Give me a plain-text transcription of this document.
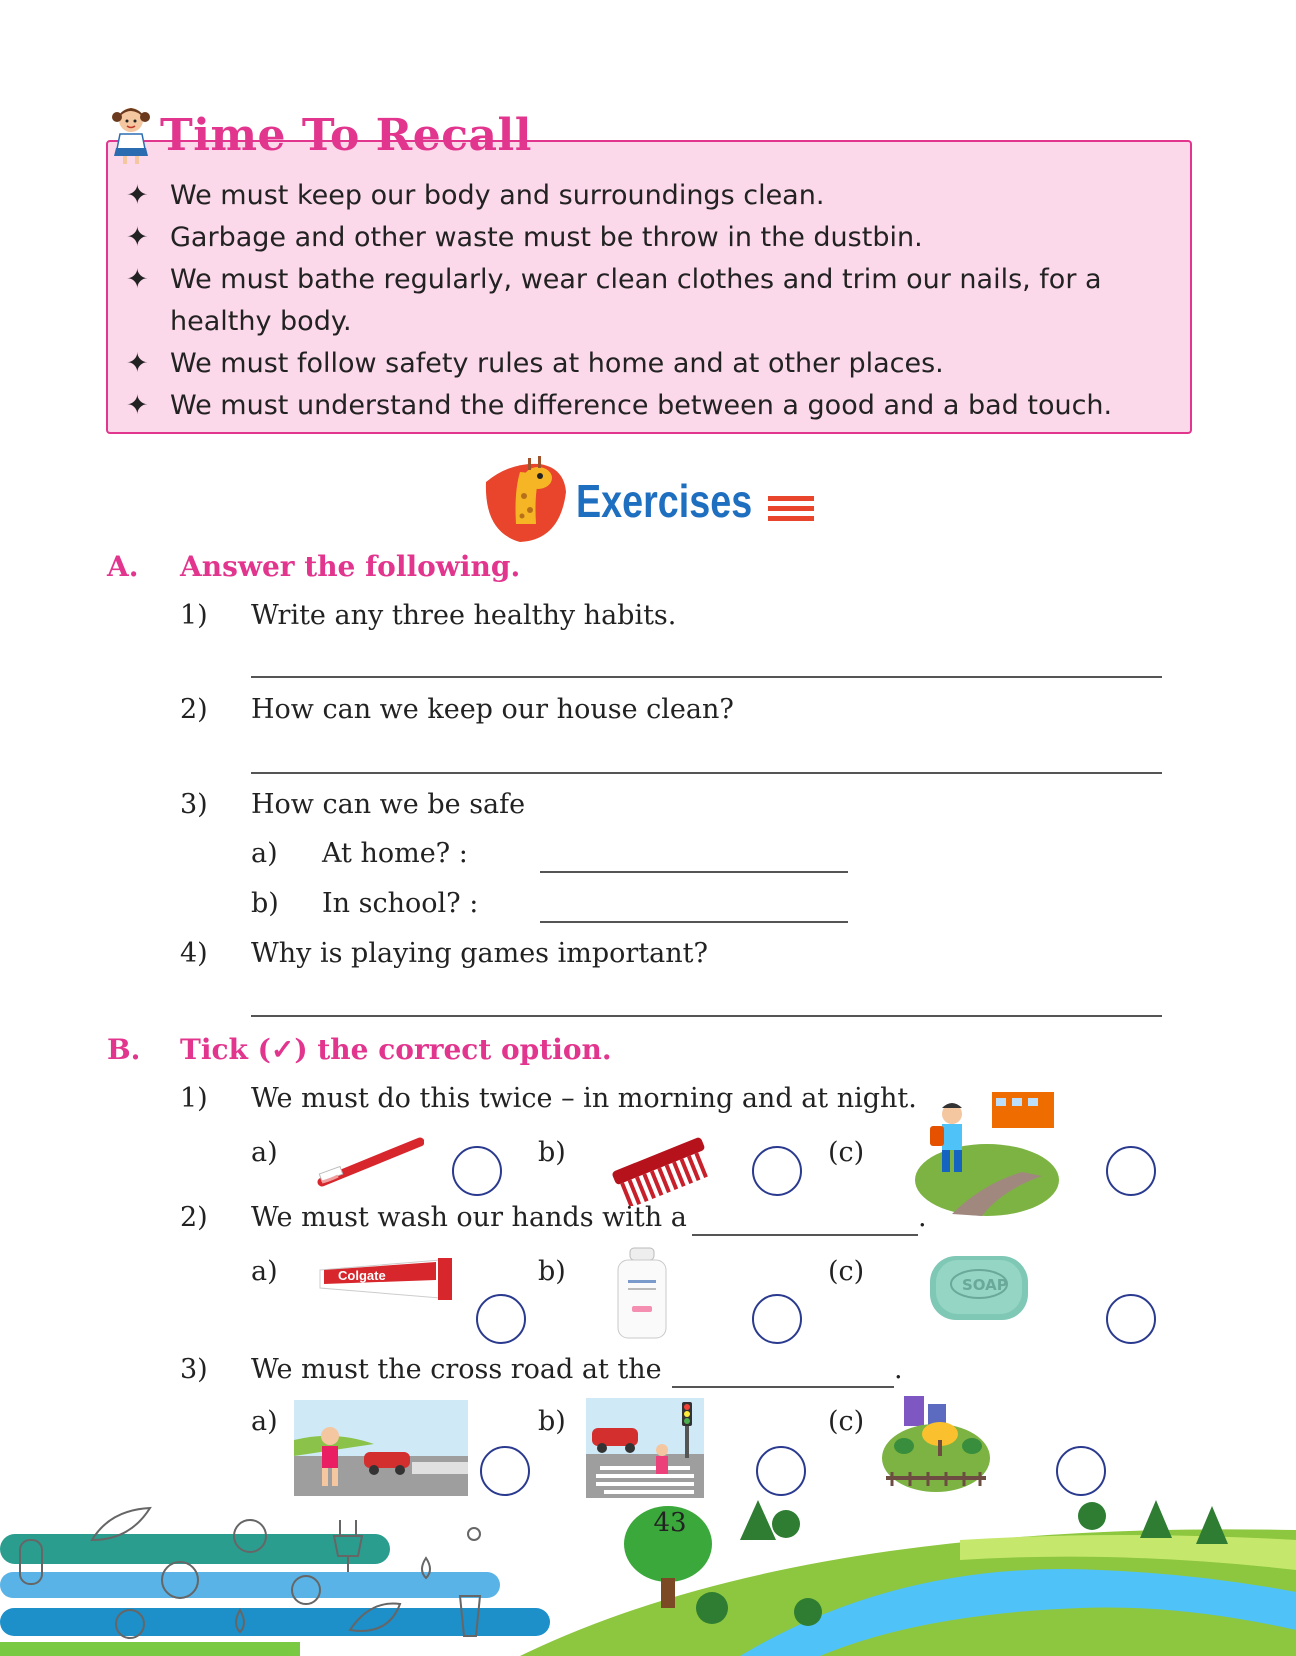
Time To Recall
✦ We must keep our body and surroundings clean.
✦ Garbage and other waste must be throw in the dustbin.
✦ We must bathe regularly, wear clean clothes and trim our nails, for a healthy body.
✦ We must follow safety rules at home and at other places.
✦ We must understand the difference between a good and a bad touch.
Exercises
A. Answer the following.
1) Write any three healthy habits.
2) How can we keep our house clean?
3) How can we be safe
a) At home? :
b) In school? :
4) Why is playing games important?
B. Tick (✓) the correct option.
1) We must do this twice – in morning and at night.
a)	b)	(c)
2) We must wash our hands with a	.
a)	Colgate	b)	(c)	SOAP
3) We must the cross road at the	.
a)	b)	(c)
43
